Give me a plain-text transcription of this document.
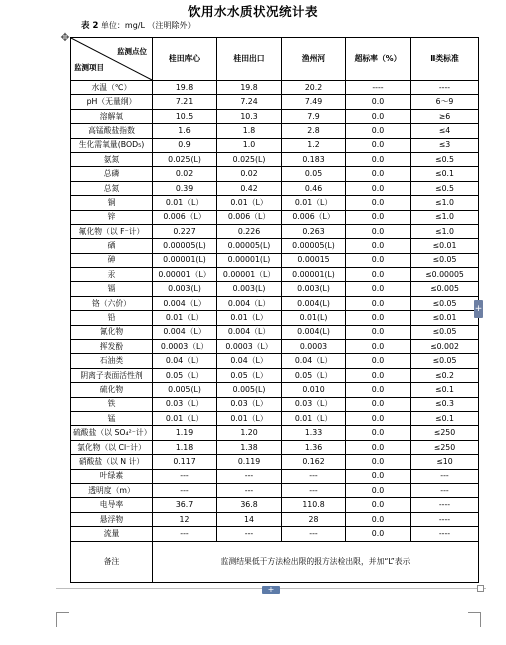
饮用水水质状况统计表
表 2 单位：mg/L （注明除外）
✥
监测点位
监测项目	桂田库心	桂田出口	渔州河	超标率（%）	Ⅱ类标准
水温（℃）	19.8	19.8	20.2	----	----
pH（无量纲）	7.21	7.24	7.49	0.0	6～9
溶解氧	10.5	10.3	7.9	0.0	≥6
高锰酸盐指数	1.6	1.8	2.8	0.0	≤4
生化需氧量(BOD₅)	0.9	1.0	1.2	0.0	≤3
氨氮	0.025(L)	0.025(L)	0.183	0.0	≤0.5
总磷	0.02	0.02	0.05	0.0	≤0.1
总氮	0.39	0.42	0.46	0.0	≤0.5
铜	0.01（L）	0.01（L）	0.01（L）	0.0	≤1.0
锌	0.006（L）	0.006（L）	0.006（L）	0.0	≤1.0
氟化物（以 F⁻计）	0.227	0.226	0.263	0.0	≤1.0
硒	0.00005(L)	0.00005(L)	0.00005(L)	0.0	≤0.01
砷	0.00001(L)	0.00001(L)	0.00015	0.0	≤0.05
汞	0.00001（L）	0.00001（L）	0.00001(L)	0.0	≤0.00005
镉	0.003(L)	0.003(L)	0.003(L)	0.0	≤0.005
铬（六价）	0.004（L）	0.004（L）	0.004(L)	0.0	≤0.05
铅	0.01（L）	0.01（L）	0.01(L)	0.0	≤0.01
氰化物	0.004（L）	0.004（L）	0.004(L)	0.0	≤0.05
挥发酚	0.0003（L）	0.0003（L）	0.0003	0.0	≤0.002
石油类	0.04（L）	0.04（L）	0.04（L）	0.0	≤0.05
阴离子表面活性剂	0.05（L）	0.05（L）	0.05（L）	0.0	≤0.2
硫化物	0.005(L)	0.005(L)	0.010	0.0	≤0.1
铁	0.03（L）	0.03（L）	0.03（L）	0.0	≤0.3
锰	0.01（L）	0.01（L）	0.01（L）	0.0	≤0.1
硫酸盐（以 SO₄²⁻计）	1.19	1.20	1.33	0.0	≤250
氯化物（以 Cl⁻计）	1.18	1.38	1.36	0.0	≤250
硝酸盐（以 N 计）	0.117	0.119	0.162	0.0	≤10
叶绿素	---	---	---	0.0	---
透明度（m）	---	---	---	0.0	---
电导率	36.7	36.8	110.8	0.0	----
悬浮物	12	14	28	0.0	----
流量	---	---	---	0.0	----
备注	监测结果低于方法检出限的报方法检出限，并加“L”表示				
+
+
